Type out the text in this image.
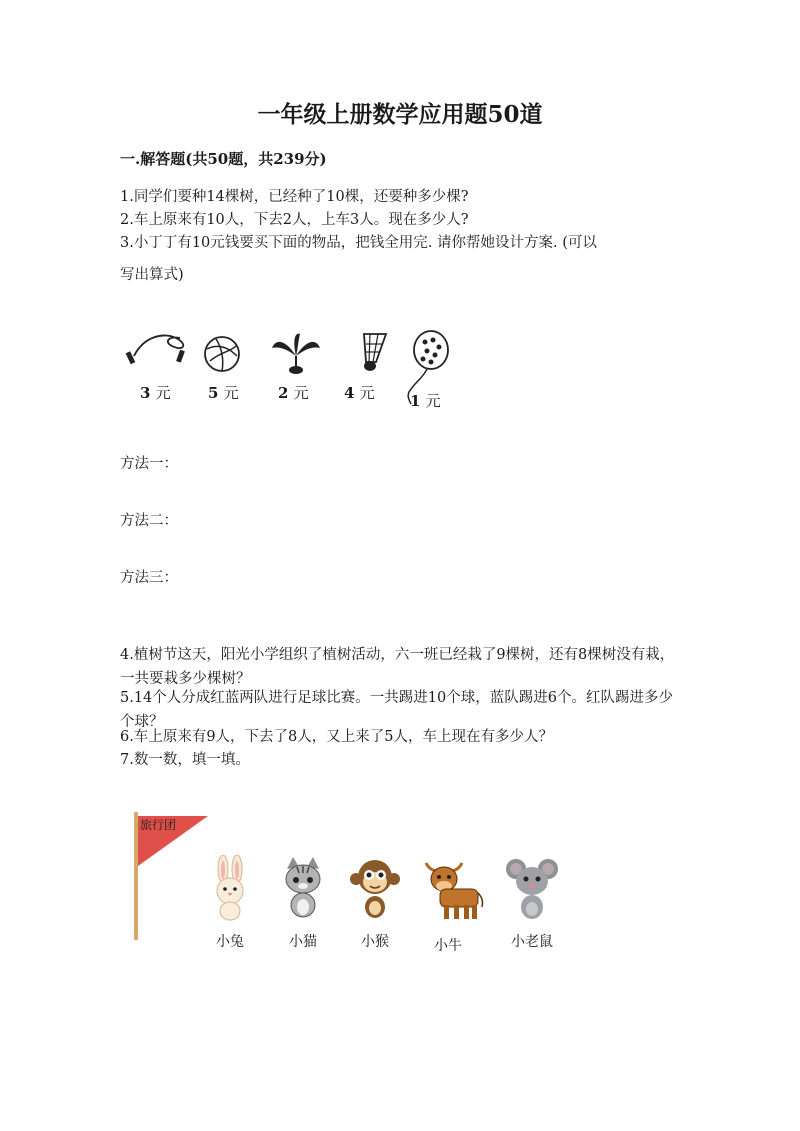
一年级上册数学应用题50道
一.解答题(共50题，共239分)
1.同学们要种14棵树，已经种了10棵，还要种多少棵?
2.车上原来有10人，下去2人，上车3人。现在多少人?
3.小丁丁有10元钱要买下面的物品，把钱全用完. 请你帮她设计方案. (可以
写出算式)
3 元 5 元	2 元 4 元 1 元
方法一：
方法二：
方法三：
4.植树节这天，阳光小学组织了植树活动，六一班已经栽了9棵树，还有8棵树没有栽，一共要栽多少棵树？
5.14个人分成红蓝两队进行足球比赛。一共踢进10个球，蓝队踢进6个。红队踢进多少个球？
6.车上原来有9人，下去了8人，又上来了5人，车上现在有多少人？
7.数一数，填一填。
旅行团
小兔	小猫	小猴	小牛	小老鼠
